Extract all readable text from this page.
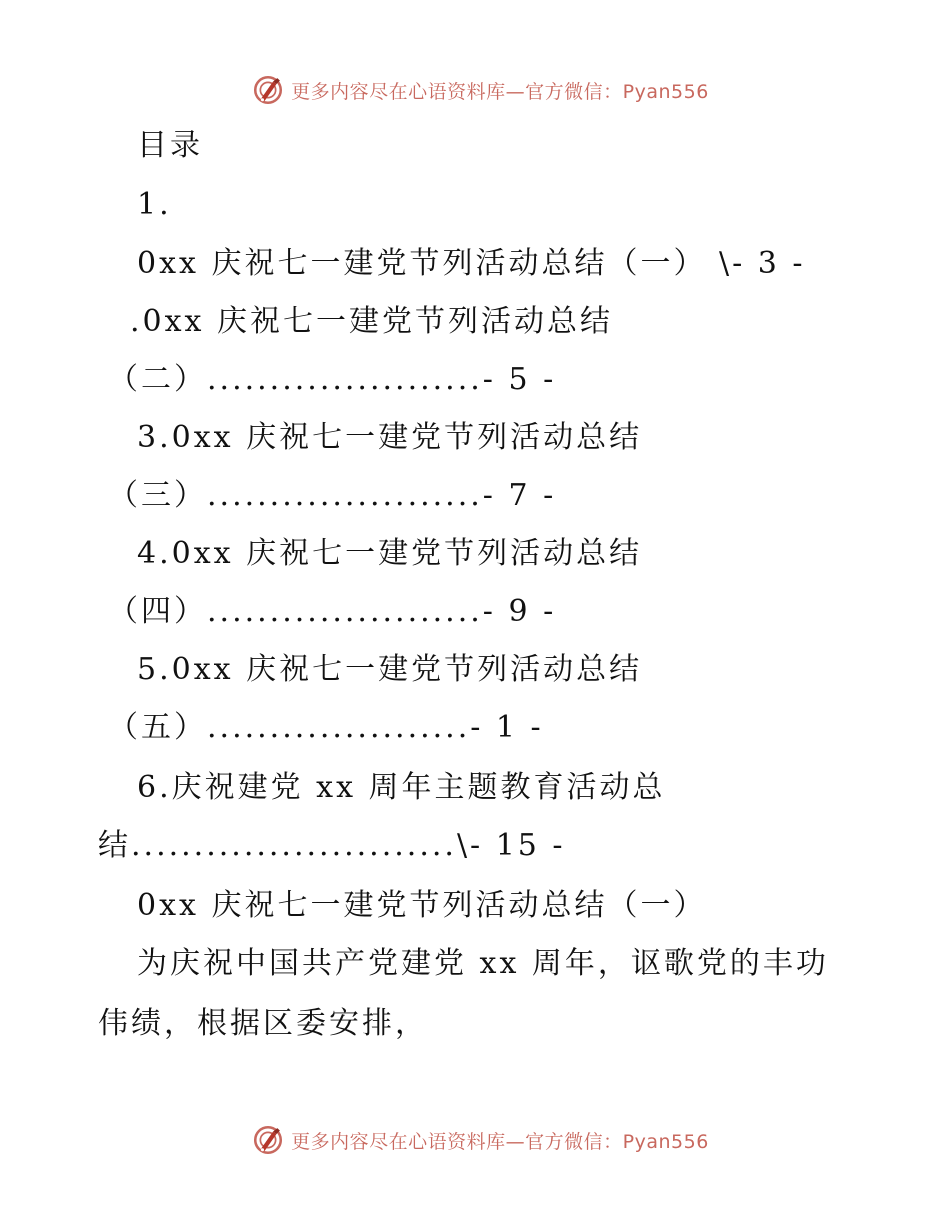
更多内容尽在心语资料库—官方微信：Pyan556
目录
1.
0xx 庆祝七一建党节列活动总结（一） \- 3 -
.0xx 庆祝七一建党节列活动总结
（二）......................- 5 -
3.0xx 庆祝七一建党节列活动总结
（三）......................- 7 -
4.0xx 庆祝七一建党节列活动总结
（四）......................- 9 -
5.0xx 庆祝七一建党节列活动总结
（五）.....................- 1 -
6.庆祝建党 xx 周年主题教育活动总
结..........................\- 15 -
0xx 庆祝七一建党节列活动总结（一）
为庆祝中国共产党建党 xx 周年，讴歌党的丰功
伟绩，根据区委安排，
更多内容尽在心语资料库—官方微信：Pyan556
